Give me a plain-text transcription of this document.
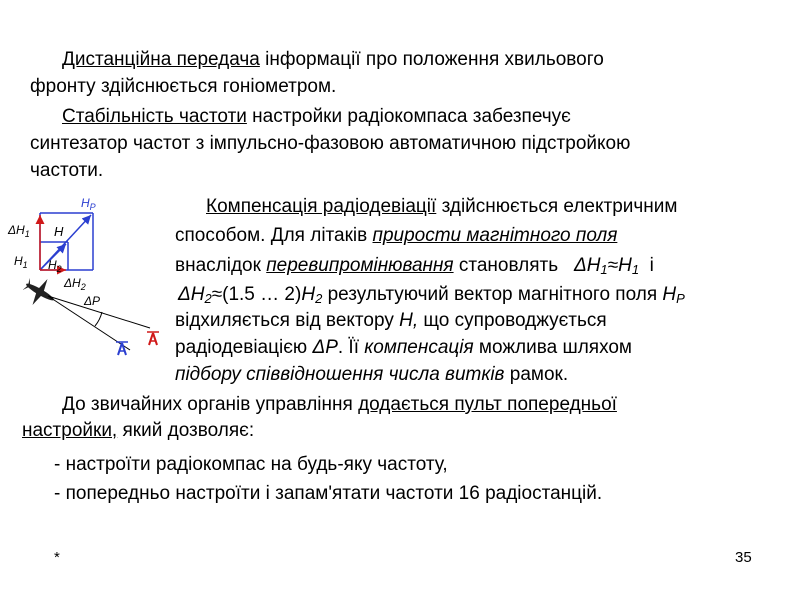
Дистанційна передача інформації про положення хвильового

фронту здійснюється гоніометром.

Стабільність частоти настройки радіокомпаса забезпечує

синтезатор частот з імпульсно-фазовою автоматичною підстройкою

частоти.

$H_P$
$\Delta H_1$ H
$H_1$ $H_2$
$\Delta H_2$
ΔP

Компенсація радіодевіації здійснюється електричним

способом. Для літаків прирости магнітного поля

внаслідок перевипромінювання становлять   $\Delta H_1\approx H_1$  і

$\Delta H_2\approx(1.5$ … $2)H_2$ результуючий вектор магнітного поля $H_P$

відхиляється від вектору H, що супроводжується

радіодевіацією ΔP. Її компенсація можлива шляхом

підбору співвідношення числа витків рамок.

До звичайних органів управління додається пульт попередньої

настройки, який дозволяє:

- настроїти радіокомпас на будь-яку частоту,

- попередньо настроїти і запам'ятати частоти 16 радіостанцій.

*	35
